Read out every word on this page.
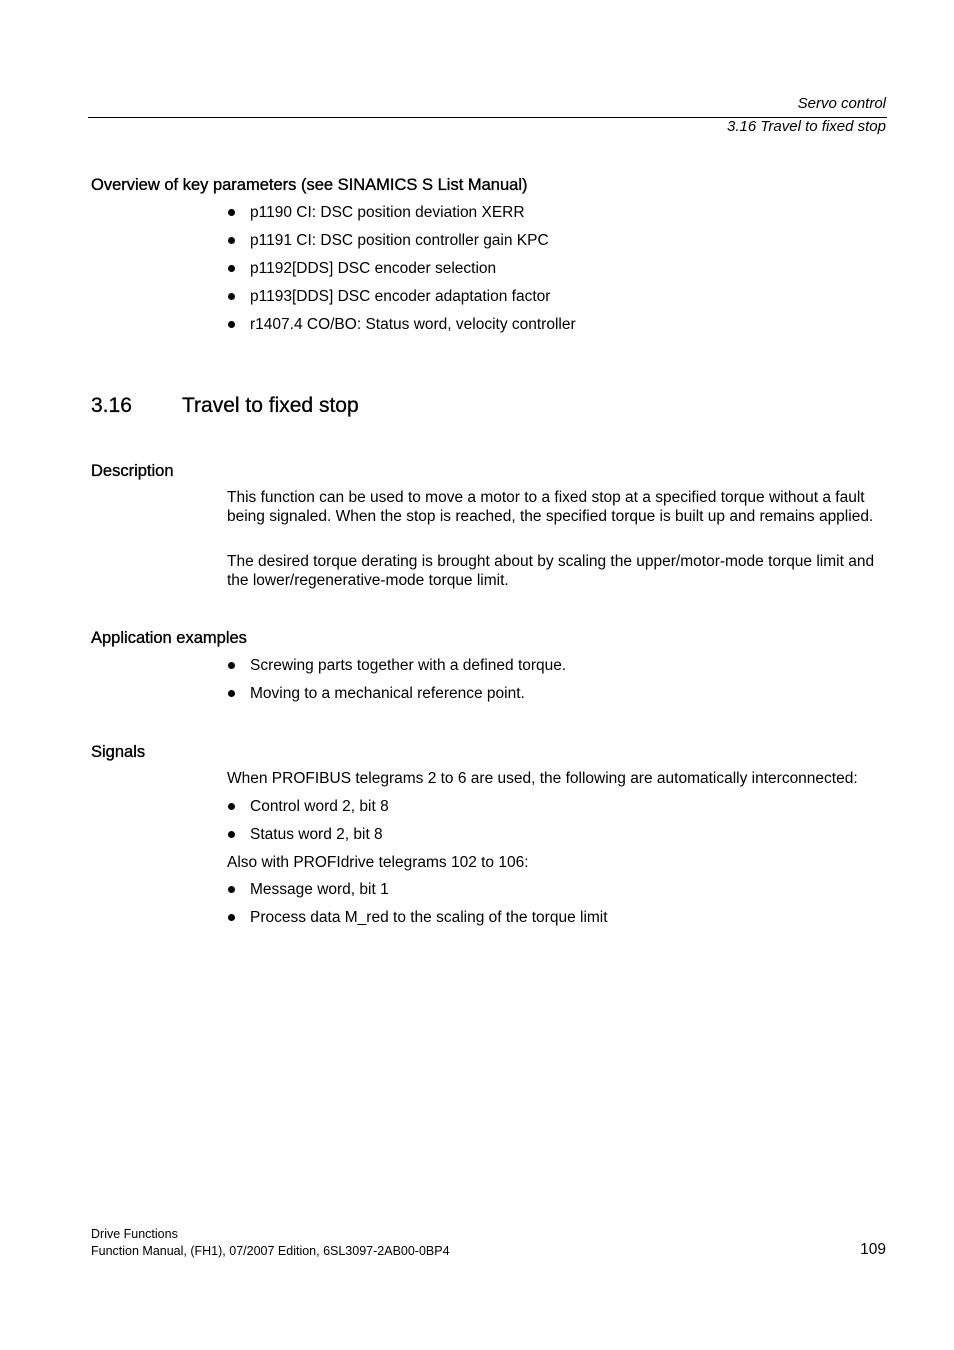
Servo control
3.16 Travel to fixed stop
Overview of key parameters (see SINAMICS S List Manual)
p1190 CI: DSC position deviation XERR
p1191 CI: DSC position controller gain KPC
p1192[DDS] DSC encoder selection
p1193[DDS] DSC encoder adaptation factor
r1407.4 CO/BO: Status word, velocity controller
3.16 Travel to fixed stop
Description
This function can be used to move a motor to a fixed stop at a specified torque without a fault being signaled. When the stop is reached, the specified torque is built up and remains applied.
The desired torque derating is brought about by scaling the upper/motor-mode torque limit and the lower/regenerative-mode torque limit.
Application examples
Screwing parts together with a defined torque.
Moving to a mechanical reference point.
Signals
When PROFIBUS telegrams 2 to 6 are used, the following are automatically interconnected:
Control word 2, bit 8
Status word 2, bit 8
Also with PROFIdrive telegrams 102 to 106:
Message word, bit 1
Process data M_red to the scaling of the torque limit
Drive Functions
Function Manual, (FH1), 07/2007 Edition, 6SL3097-2AB00-0BP4	109
